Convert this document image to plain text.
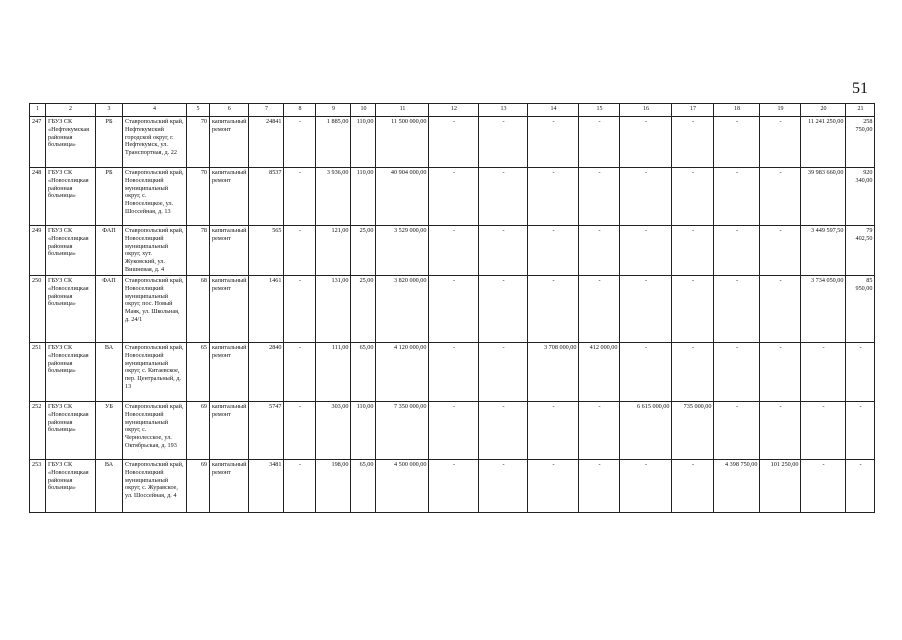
51
1	2	3	4	5	6	7	8	9	10	11	12	13	14	15	16	17	18	19	20	21
247	ГБУЗ СК «Нефтекумская районная больница»	РБ	Ставропольский край, Нефтекумский городской округ, г. Нефтекумск, ул. Транспортная, д. 22	70	капитальный ремонт	24841	-	1 885,00	110,00	11 500 000,00	-	-	-	-	-	-	-	-	11 241 250,00	258 750,00
248	ГБУЗ СК «Новоселицкая районная больница»	РБ	Ставропольский край, Новоселицкий муниципальный округ, с. Новоселицкое, ул. Шоссейная, д. 13	70	капитальный ремонт	8537	-	3 936,00	110,00	40 904 000,00	-	-	-	-	-	-	-	-	39 983 660,00	920 340,00
249	ГБУЗ СК «Новоселицкая районная больница»	ФАП	Ставропольский край, Новоселицкий муниципальный округ, хут. Жуковский, ул. Вишневая, д. 4	78	капитальный ремонт	565	-	121,00	25,00	3 529 000,00	-	-	-	-	-	-	-	-	3 449 597,50	79 402,50
250	ГБУЗ СК «Новоселицкая районная больница»	ФАП	Ставропольский край, Новоселицкий муниципальный округ, пос. Новый Маяк, ул. Школьная, д. 24/1	68	капитальный ремонт	1461	-	131,00	25,00	3 820 000,00	-	-	-	-	-	-	-	-	3 734 050,00	85 950,00
251	ГБУЗ СК «Новоселицкая районная больница»	ВА	Ставропольский край, Новоселицкий муниципальный округ, с. Китаевское, пер. Центральный, д. 13	65	капитальный ремонт	2840	-	111,00	65,00	4 120 000,00	-	-	3 708 000,00	412 000,00	-	-	-	-	-	-
252	ГБУЗ СК «Новоселицкая районная больница»	УБ	Ставропольский край, Новоселицкий муниципальный округ, с. Чернолесское, ул. Октябрьская, д. 193	69	капитальный ремонт	5747	-	303,00	110,00	7 350 000,00	-	-	-	-	6 615 000,00	735 000,00	-	-	-	-
253	ГБУЗ СК «Новоселицкая районная больница»	ВА	Ставропольский край, Новоселицкий муниципальный округ, с. Журавское, ул. Шоссейная, д. 4	69	капитальный ремонт	3481	-	198,00	65,00	4 500 000,00	-	-	-	-	-	-	4 398 750,00	101 250,00	-	-
